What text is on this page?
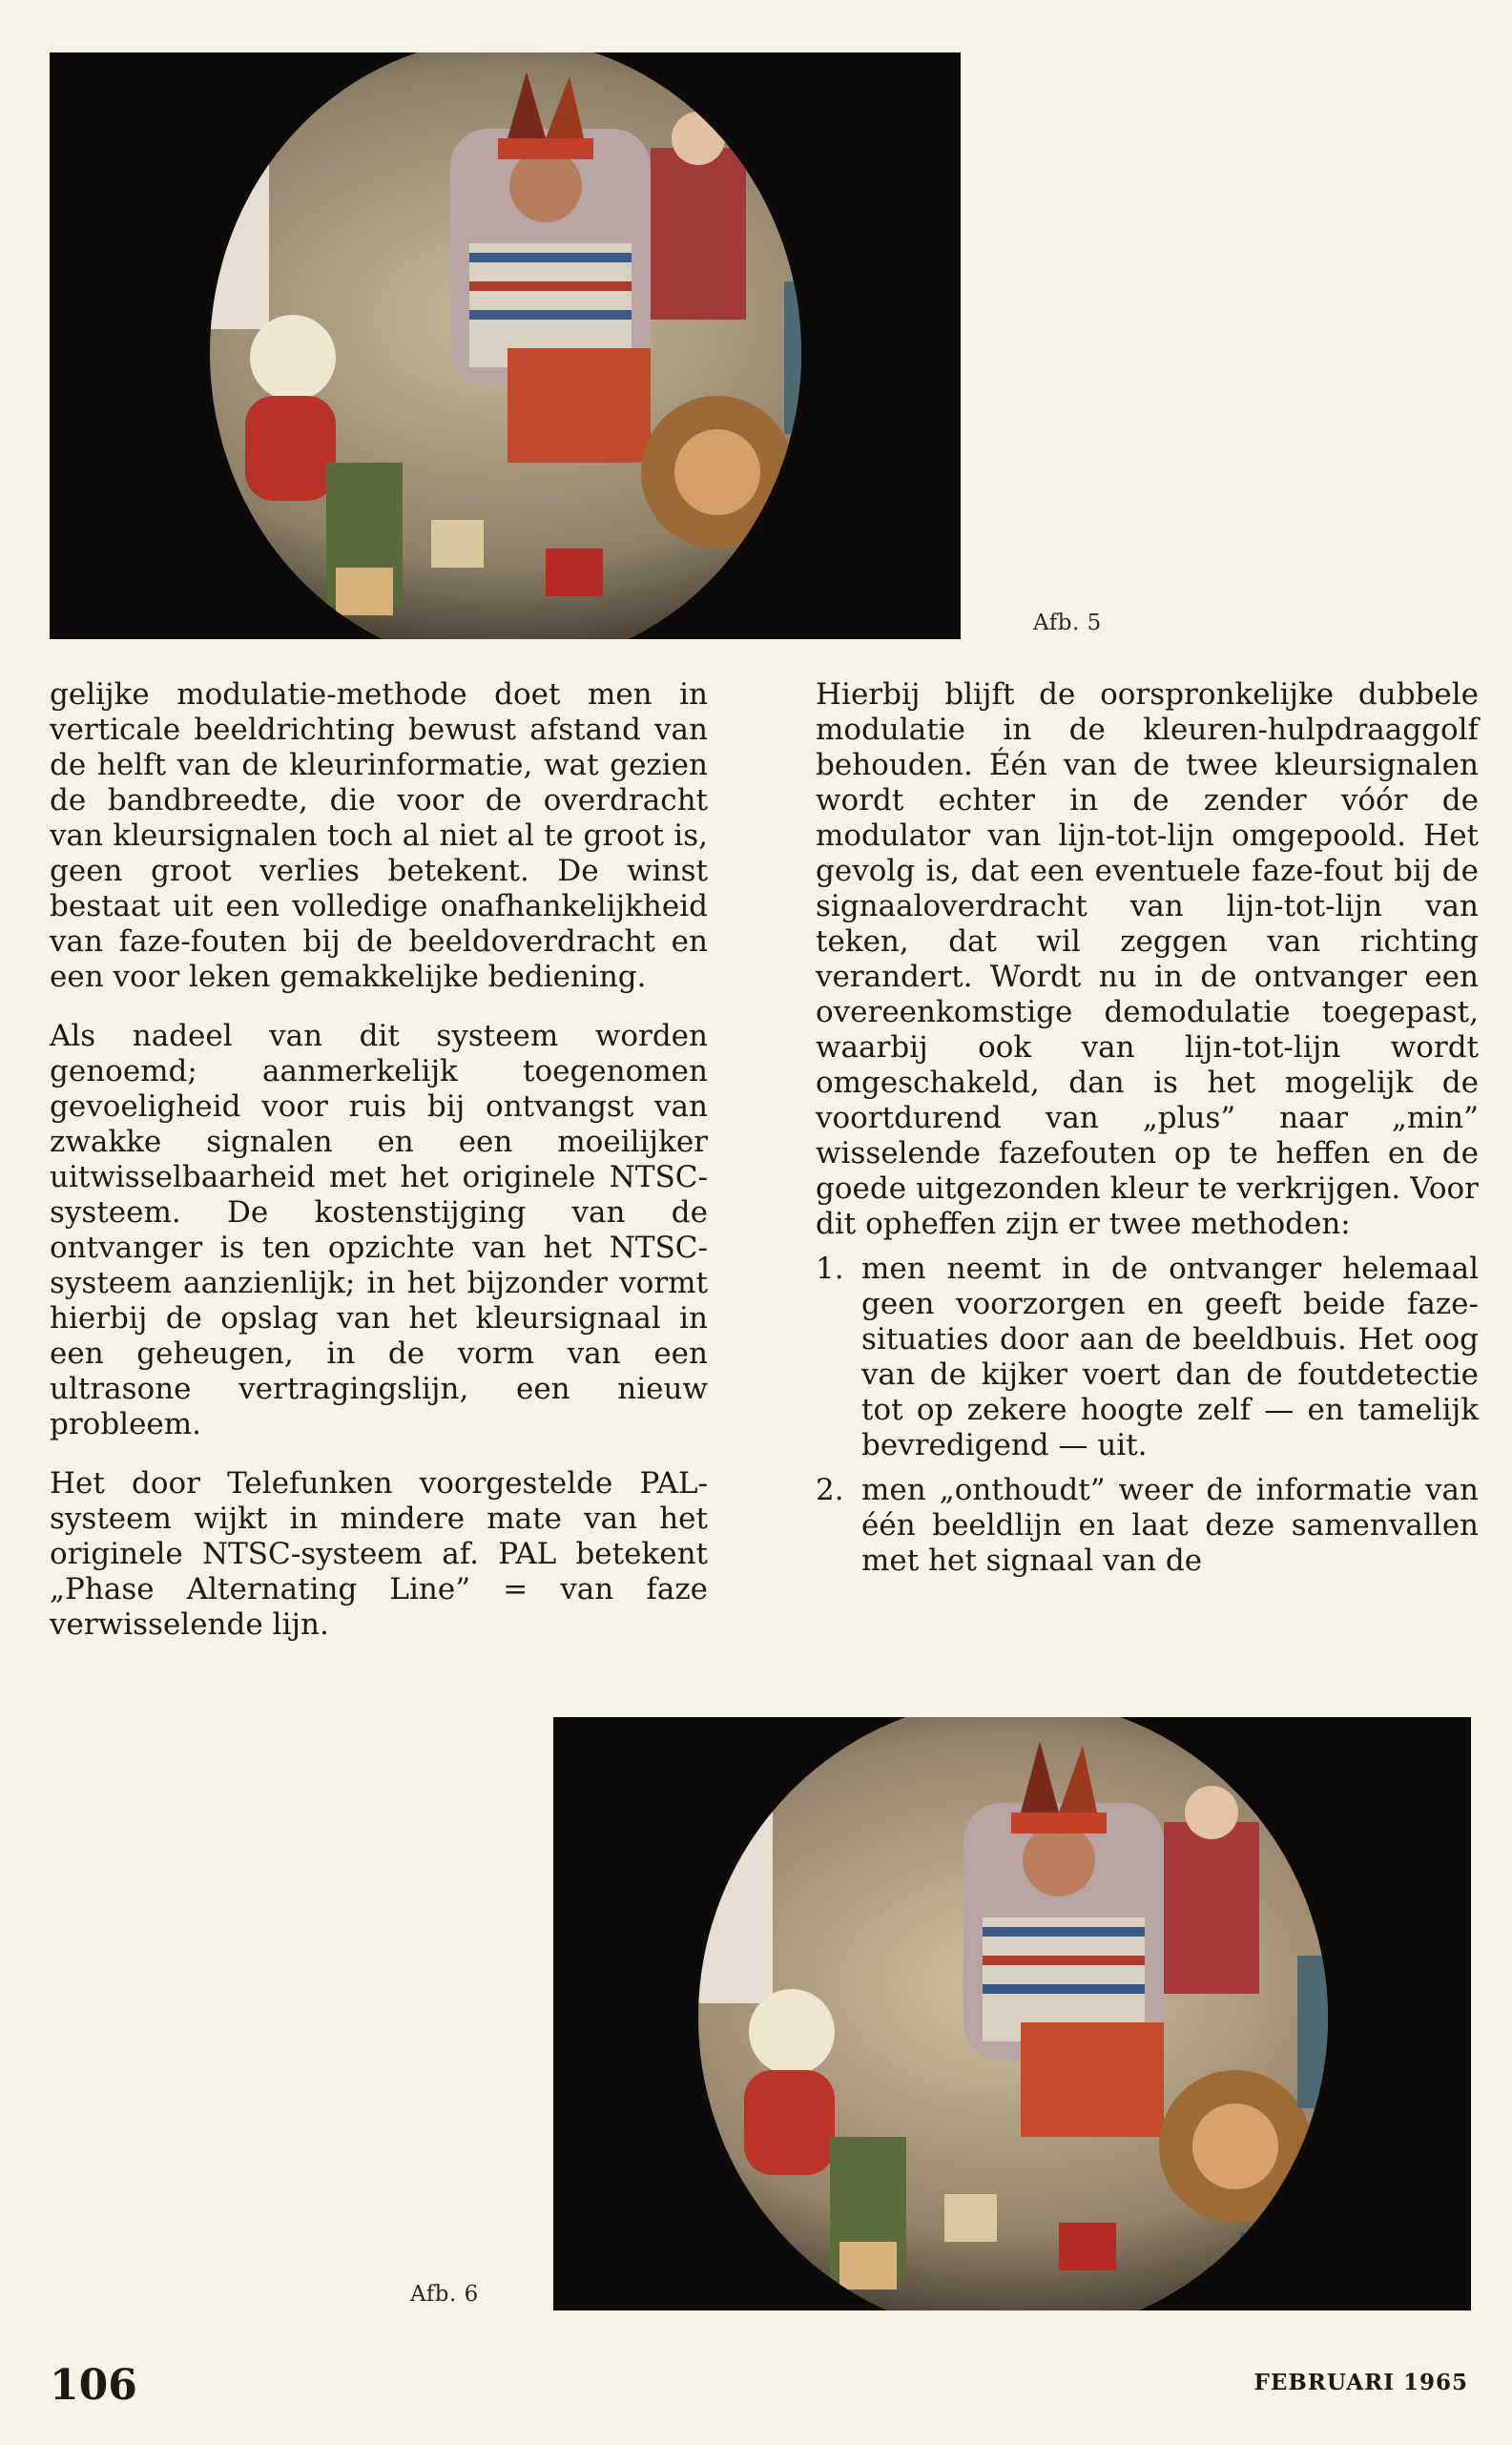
Afb. 5

gelijke modulatie-methode doet men in verticale beeldrichting bewust afstand van de helft van de kleurinformatie, wat gezien de bandbreedte, die voor de overdracht van kleursignalen toch al niet al te groot is, geen groot verlies betekent. De winst bestaat uit een volledige onafhankelijkheid van faze-fouten bij de beeldoverdracht en een voor leken gemakkelijke bediening.

Als nadeel van dit systeem worden genoemd; aanmerkelijk toegenomen gevoeligheid voor ruis bij ontvangst van zwakke signalen en een moeilijker uitwisselbaarheid met het originele NTSC-systeem. De kostenstijging van de ontvanger is ten opzichte van het NTSC-systeem aanzienlijk; in het bijzonder vormt hierbij de opslag van het kleursignaal in een geheugen, in de vorm van een ultrasone vertragingslijn, een nieuw probleem.

Het door Telefunken voorgestelde PAL-systeem wijkt in mindere mate van het originele NTSC-systeem af. PAL betekent „Phase Alternating Line” = van faze verwisselende lijn.

Hierbij blijft de oorspronkelijke dubbele modulatie in de kleuren-hulpdraaggolf behouden. Één van de twee kleursignalen wordt echter in de zender vóór de modulator van lijn-tot-lijn omgepoold. Het gevolg is, dat een eventuele faze-fout bij de signaaloverdracht van lijn-tot-lijn van teken, dat wil zeggen van richting verandert. Wordt nu in de ontvanger een overeenkomstige demodulatie toegepast, waarbij ook van lijn-tot-lijn wordt omgeschakeld, dan is het mogelijk de voortdurend van „plus” naar „min” wisselende fazefouten op te heffen en de goede uitgezonden kleur te verkrijgen. Voor dit opheffen zijn er twee methoden:

1. men neemt in de ontvanger helemaal geen voorzorgen en geeft beide faze-situaties door aan de beeldbuis. Het oog van de kijker voert dan de foutdetectie tot op zekere hoogte zelf — en tamelijk bevredigend — uit.
2. men „onthoudt” weer de informatie van één beeldlijn en laat deze samenvallen met het signaal van de
Afb. 6
106	FEBRUARI 1965
